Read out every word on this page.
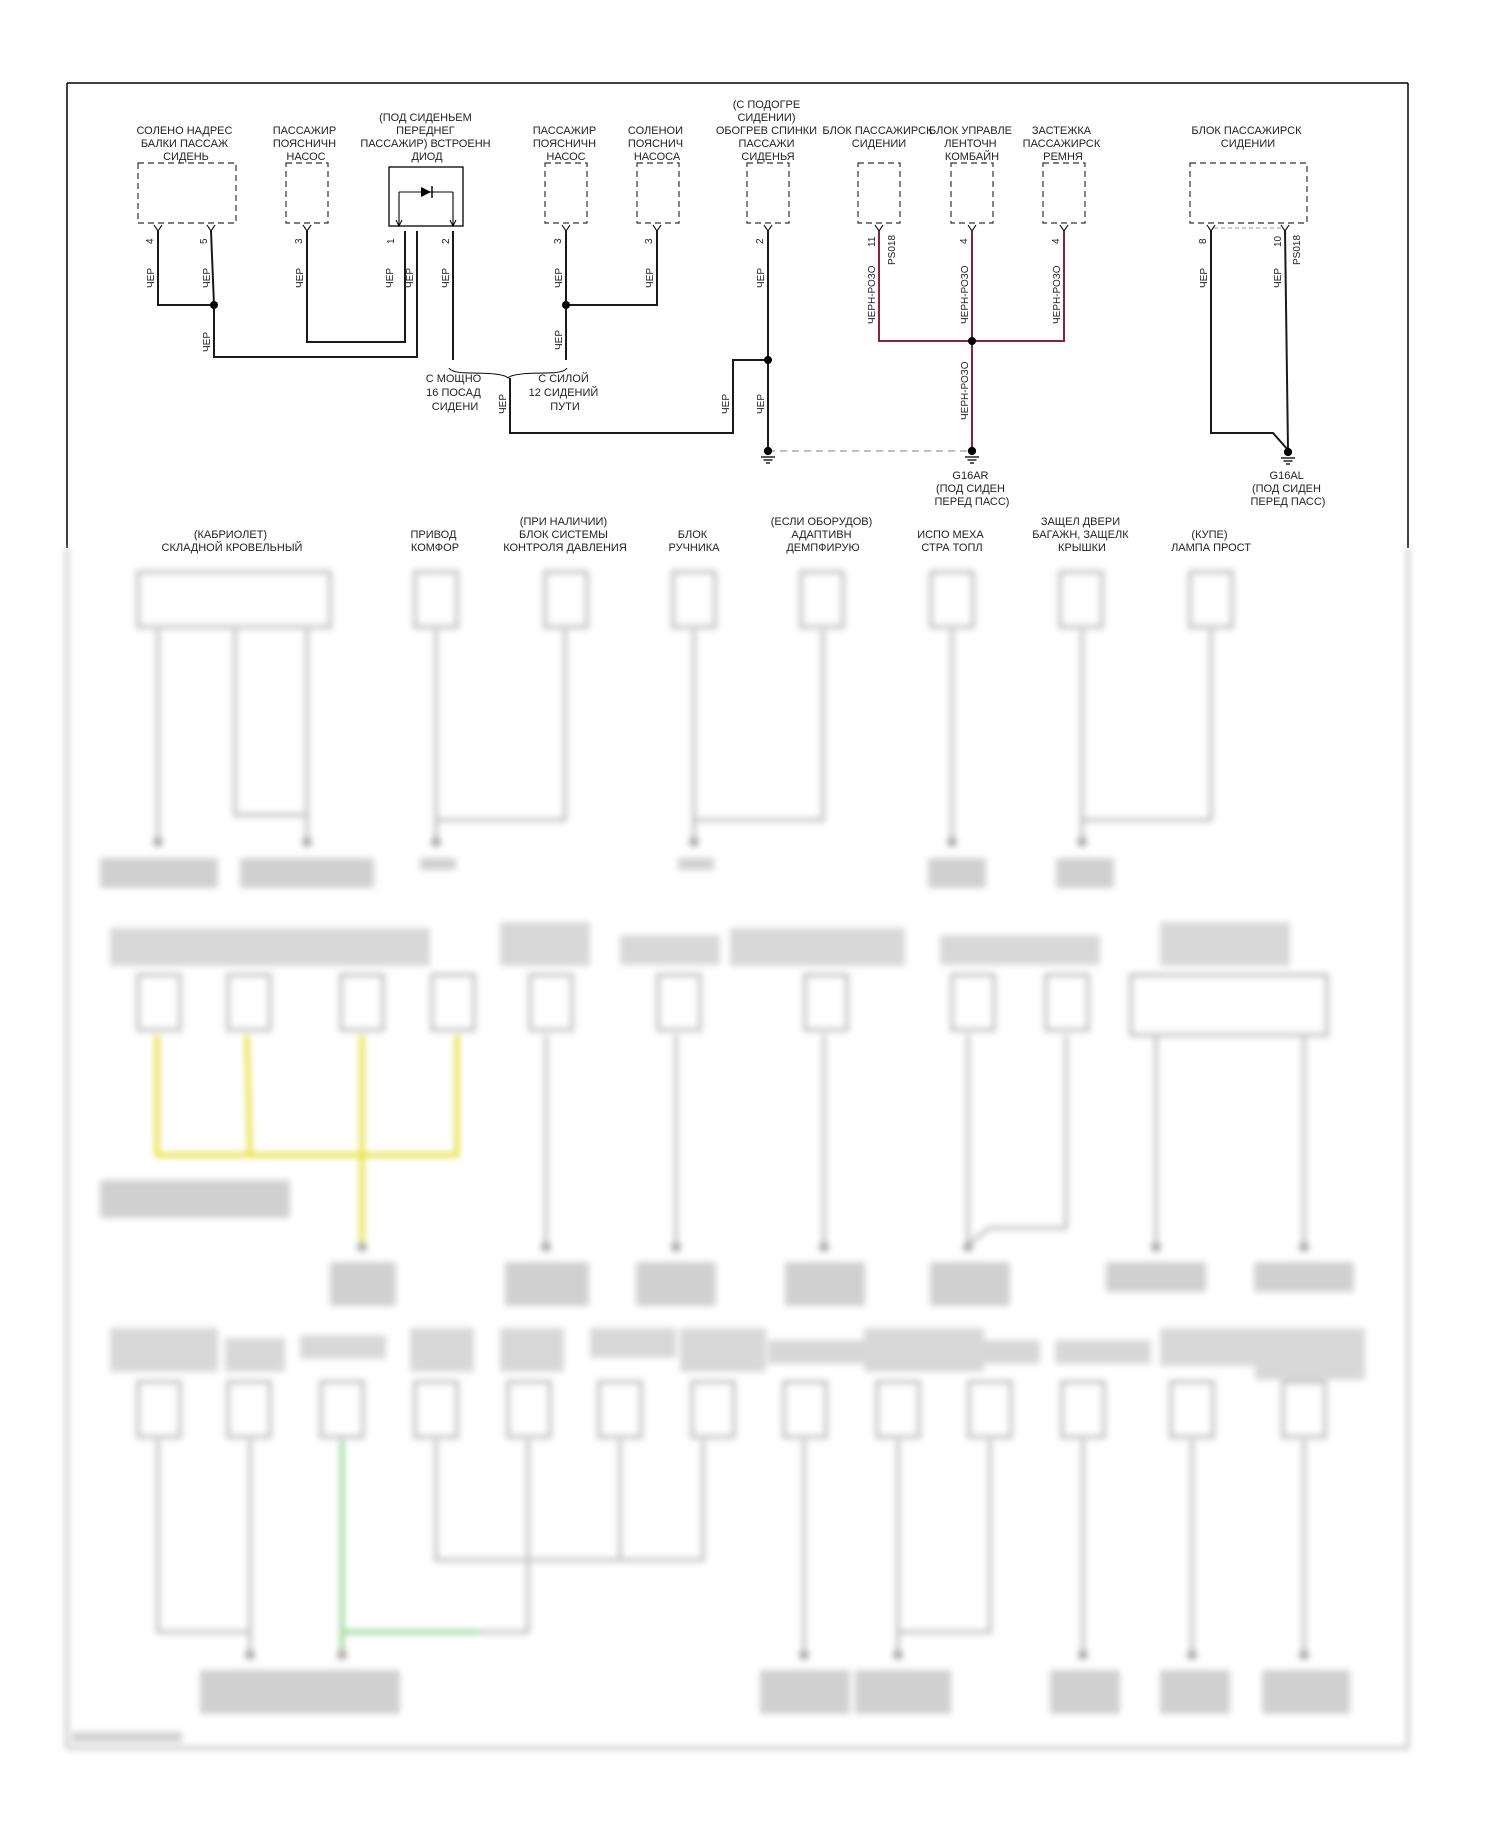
СОЛЕНО НАДРЕС БАЛКИ ПАССАЖ СИДЕНЬ
ПАССАЖИР ПОЯСНИЧН НАСОС
(ПОД СИДЕНЬЕМ ПЕРЕДНЕГ ПАССАЖИР) ВСТРОЕНН ДИОД
ПАССАЖИР ПОЯСНИЧН НАСОС
СОЛЕНОИ ПОЯСНИЧ НАСОСА
(С ПОДОГРЕ СИДЕНИИ) ОБОГРЕВ СПИНКИ ПАССАЖИ СИДЕНЬЯ
БЛОК ПАССАЖИРСК СИДЕНИИ
БЛОК УПРАВЛЕ ЛЕНТОЧН КОМБАЙН
ЗАСТЕЖКА ПАССАЖИРСК РЕМНЯ
БЛОК ПАССАЖИРСК СИДЕНИИ
4	5	3	1	2	3	3	2	11	4	4	8	10
PS018	PS018
ЧЕР	ЧЕР
ЧЕР
ЧЕР	ЧЕР ЧЕР	ЧЕР	ЧЕР
ЧЕР
ЧЕР	ЧЕР
ЧЕР
ЧЕР
ЧЕР
ЧЕРН-РОЗО	ЧЕРН-РОЗО
ЧЕРН-РОЗО
ЧЕРН-РОЗО	ЧЕР	ЧЕР
С МОЩНО 16 ПОСАД СИДЕНИ
С СИЛОЙ 12 СИДЕНИЙ ПУТИ
G16AR (ПОД СИДЕН ПЕРЕД ПАСС)
G16AL (ПОД СИДЕН ПЕРЕД ПАСС)
(КАБРИОЛЕТ) СКЛАДНОЙ КРОВЕЛЬНЫЙ
ПРИВОД КОМФОР
(ПРИ НАЛИЧИИ) БЛОК СИСТЕМЫ КОНТРОЛЯ ДАВЛЕНИЯ
БЛОК РУЧНИКА
(ЕСЛИ ОБОРУДОВ) АДАПТИВН ДЕМПФИРУЮ
ИСПО МЕХА СТРА ТОПЛ
ЗАЩЕЛ ДВЕРИ БАГАЖН, ЗАЩЕЛК КРЫШКИ
(КУПЕ) ЛАМПА ПРОСТ
